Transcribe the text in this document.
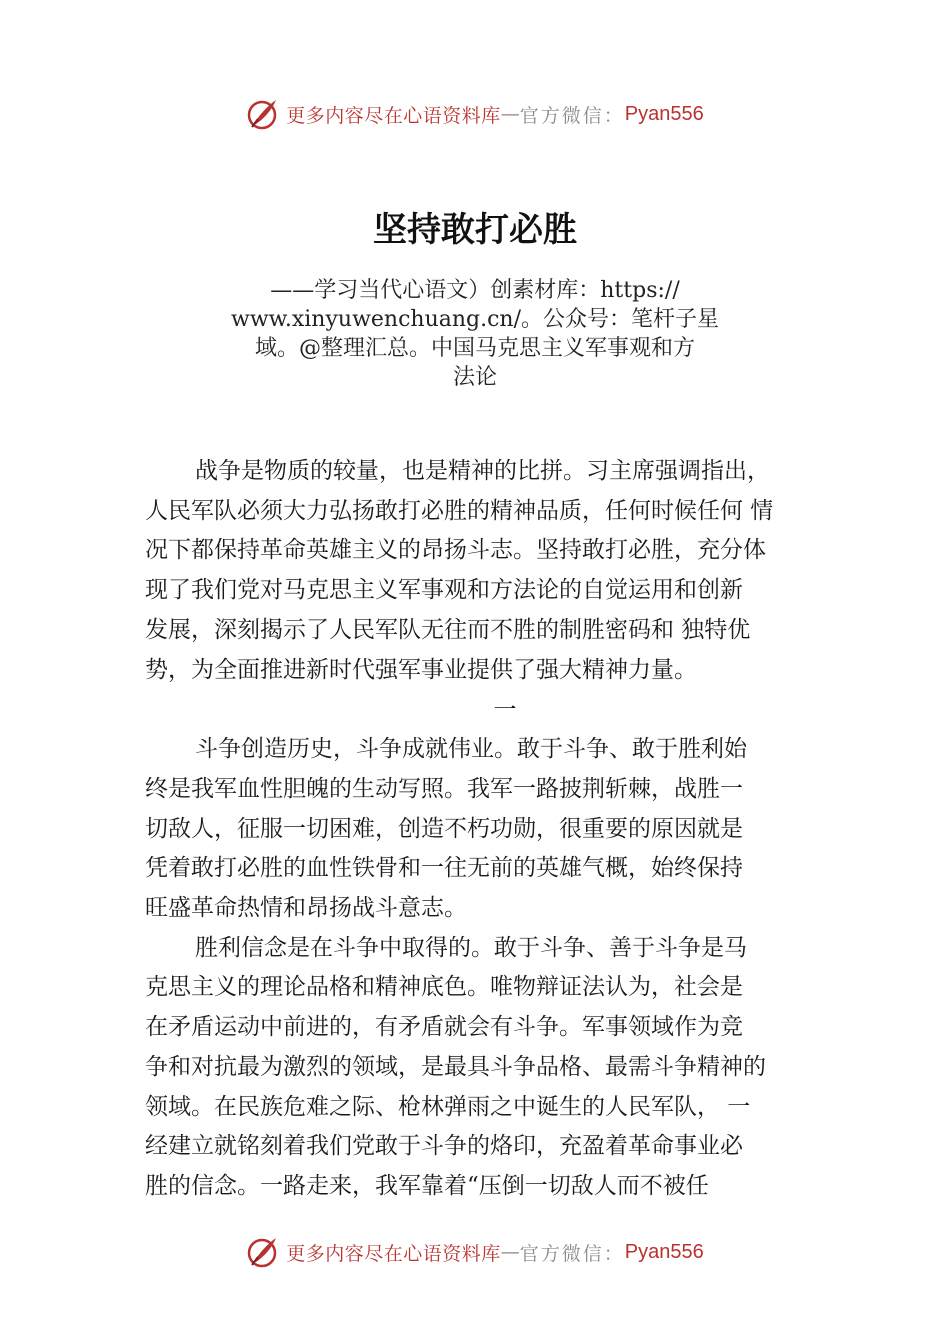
更多内容尽在心语资料库 — 官方微信： Pyan556
坚持敢打必胜
——学习当代心语文）创素材库：https://
www.xinyuwenchuang.cn/。公众号：笔杆子星
域。@整理汇总。中国马克思主义军事观和方
法论
战争是物质的较量，也是精神的比拼。习主席强调指出，
人民军队必须大力弘扬敢打必胜的精神品质，任何时候任何 情
况下都保持革命英雄主义的昂扬斗志。坚持敢打必胜，充分体
现了我们党对马克思主义军事观和方法论的自觉运用和创新
发展，深刻揭示了人民军队无往而不胜的制胜密码和 独特优
势，为全面推进新时代强军事业提供了强大精神力量。
一
斗争创造历史，斗争成就伟业。敢于斗争、敢于胜利始
终是我军血性胆魄的生动写照。我军一路披荆斩棘，战胜一
切敌人，征服一切困难，创造不朽功勋，很重要的原因就是
凭着敢打必胜的血性铁骨和一往无前的英雄气概，始终保持
旺盛革命热情和昂扬战斗意志。
胜利信念是在斗争中取得的。敢于斗争、善于斗争是马
克思主义的理论品格和精神底色。唯物辩证法认为，社会是
在矛盾运动中前进的，有矛盾就会有斗争。军事领域作为竞
争和对抗最为激烈的领域，是最具斗争品格、最需斗争精神的
领域。在民族危难之际、枪林弹雨之中诞生的人民军队， 一
经建立就铭刻着我们党敢于斗争的烙印，充盈着革命事业必
胜的信念。一路走来，我军靠着“压倒一切敌人而不被任
更多内容尽在心语资料库 — 官方微信： Pyan556
